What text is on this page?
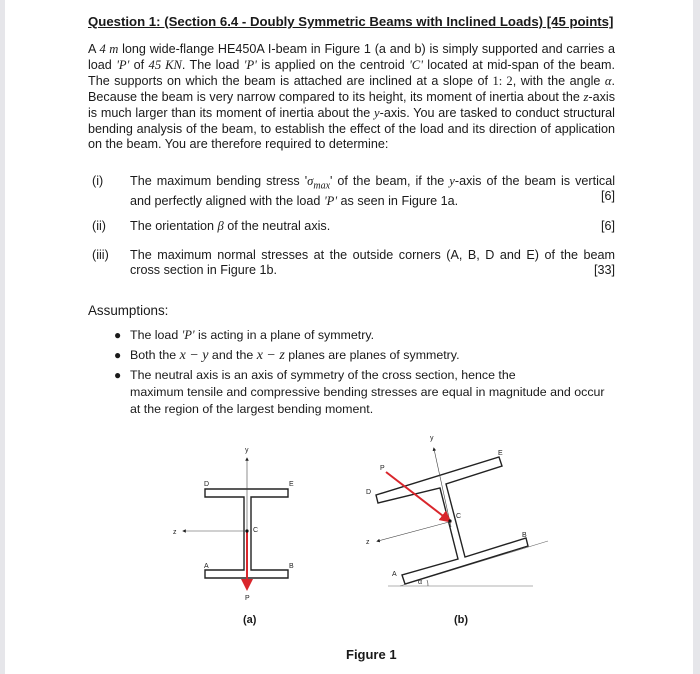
Question 1: (Section 6.4 - Doubly Symmetric Beams with Inclined Loads) [45 points]
A 4 m long wide-flange HE450A I-beam in Figure 1 (a and b) is simply supported and carries a load 'P' of 45 KN. The load 'P' is applied on the centroid 'C' located at mid-span of the beam. The supports on which the beam is attached are inclined at a slope of 1: 2, with the angle α. Because the beam is very narrow compared to its height, its moment of inertia about the z-axis is much larger than its moment of inertia about the y-axis. You are tasked to conduct structural bending analysis of the beam, to establish the effect of the load and its direction of application on the beam. You are therefore required to determine:
(i) The maximum bending stress '$\sigma_{max}$' of the beam, if the y-axis of the beam is vertical and perfectly aligned with the load 'P' as seen in Figure 1a.	[6]
(ii) The orientation β of the neutral axis.	[6]
(iii) The maximum normal stresses at the outside corners (A, B, D and E) of the beam cross section in Figure 1b.	[33]
Assumptions:
● The load 'P' is acting in a plane of symmetry.
● Both the x − y and the x − z planes are planes of symmetry.
● The neutral axis is an axis of symmetry of the cross section, hence the
maximum tensile and compressive bending stresses are equal in magnitude and occur
at the region of the largest bending moment.
y
z	C
P
D	E
A	B
y
z
C
P
D
E
A
B
α
(a)	(b)
Figure 1
